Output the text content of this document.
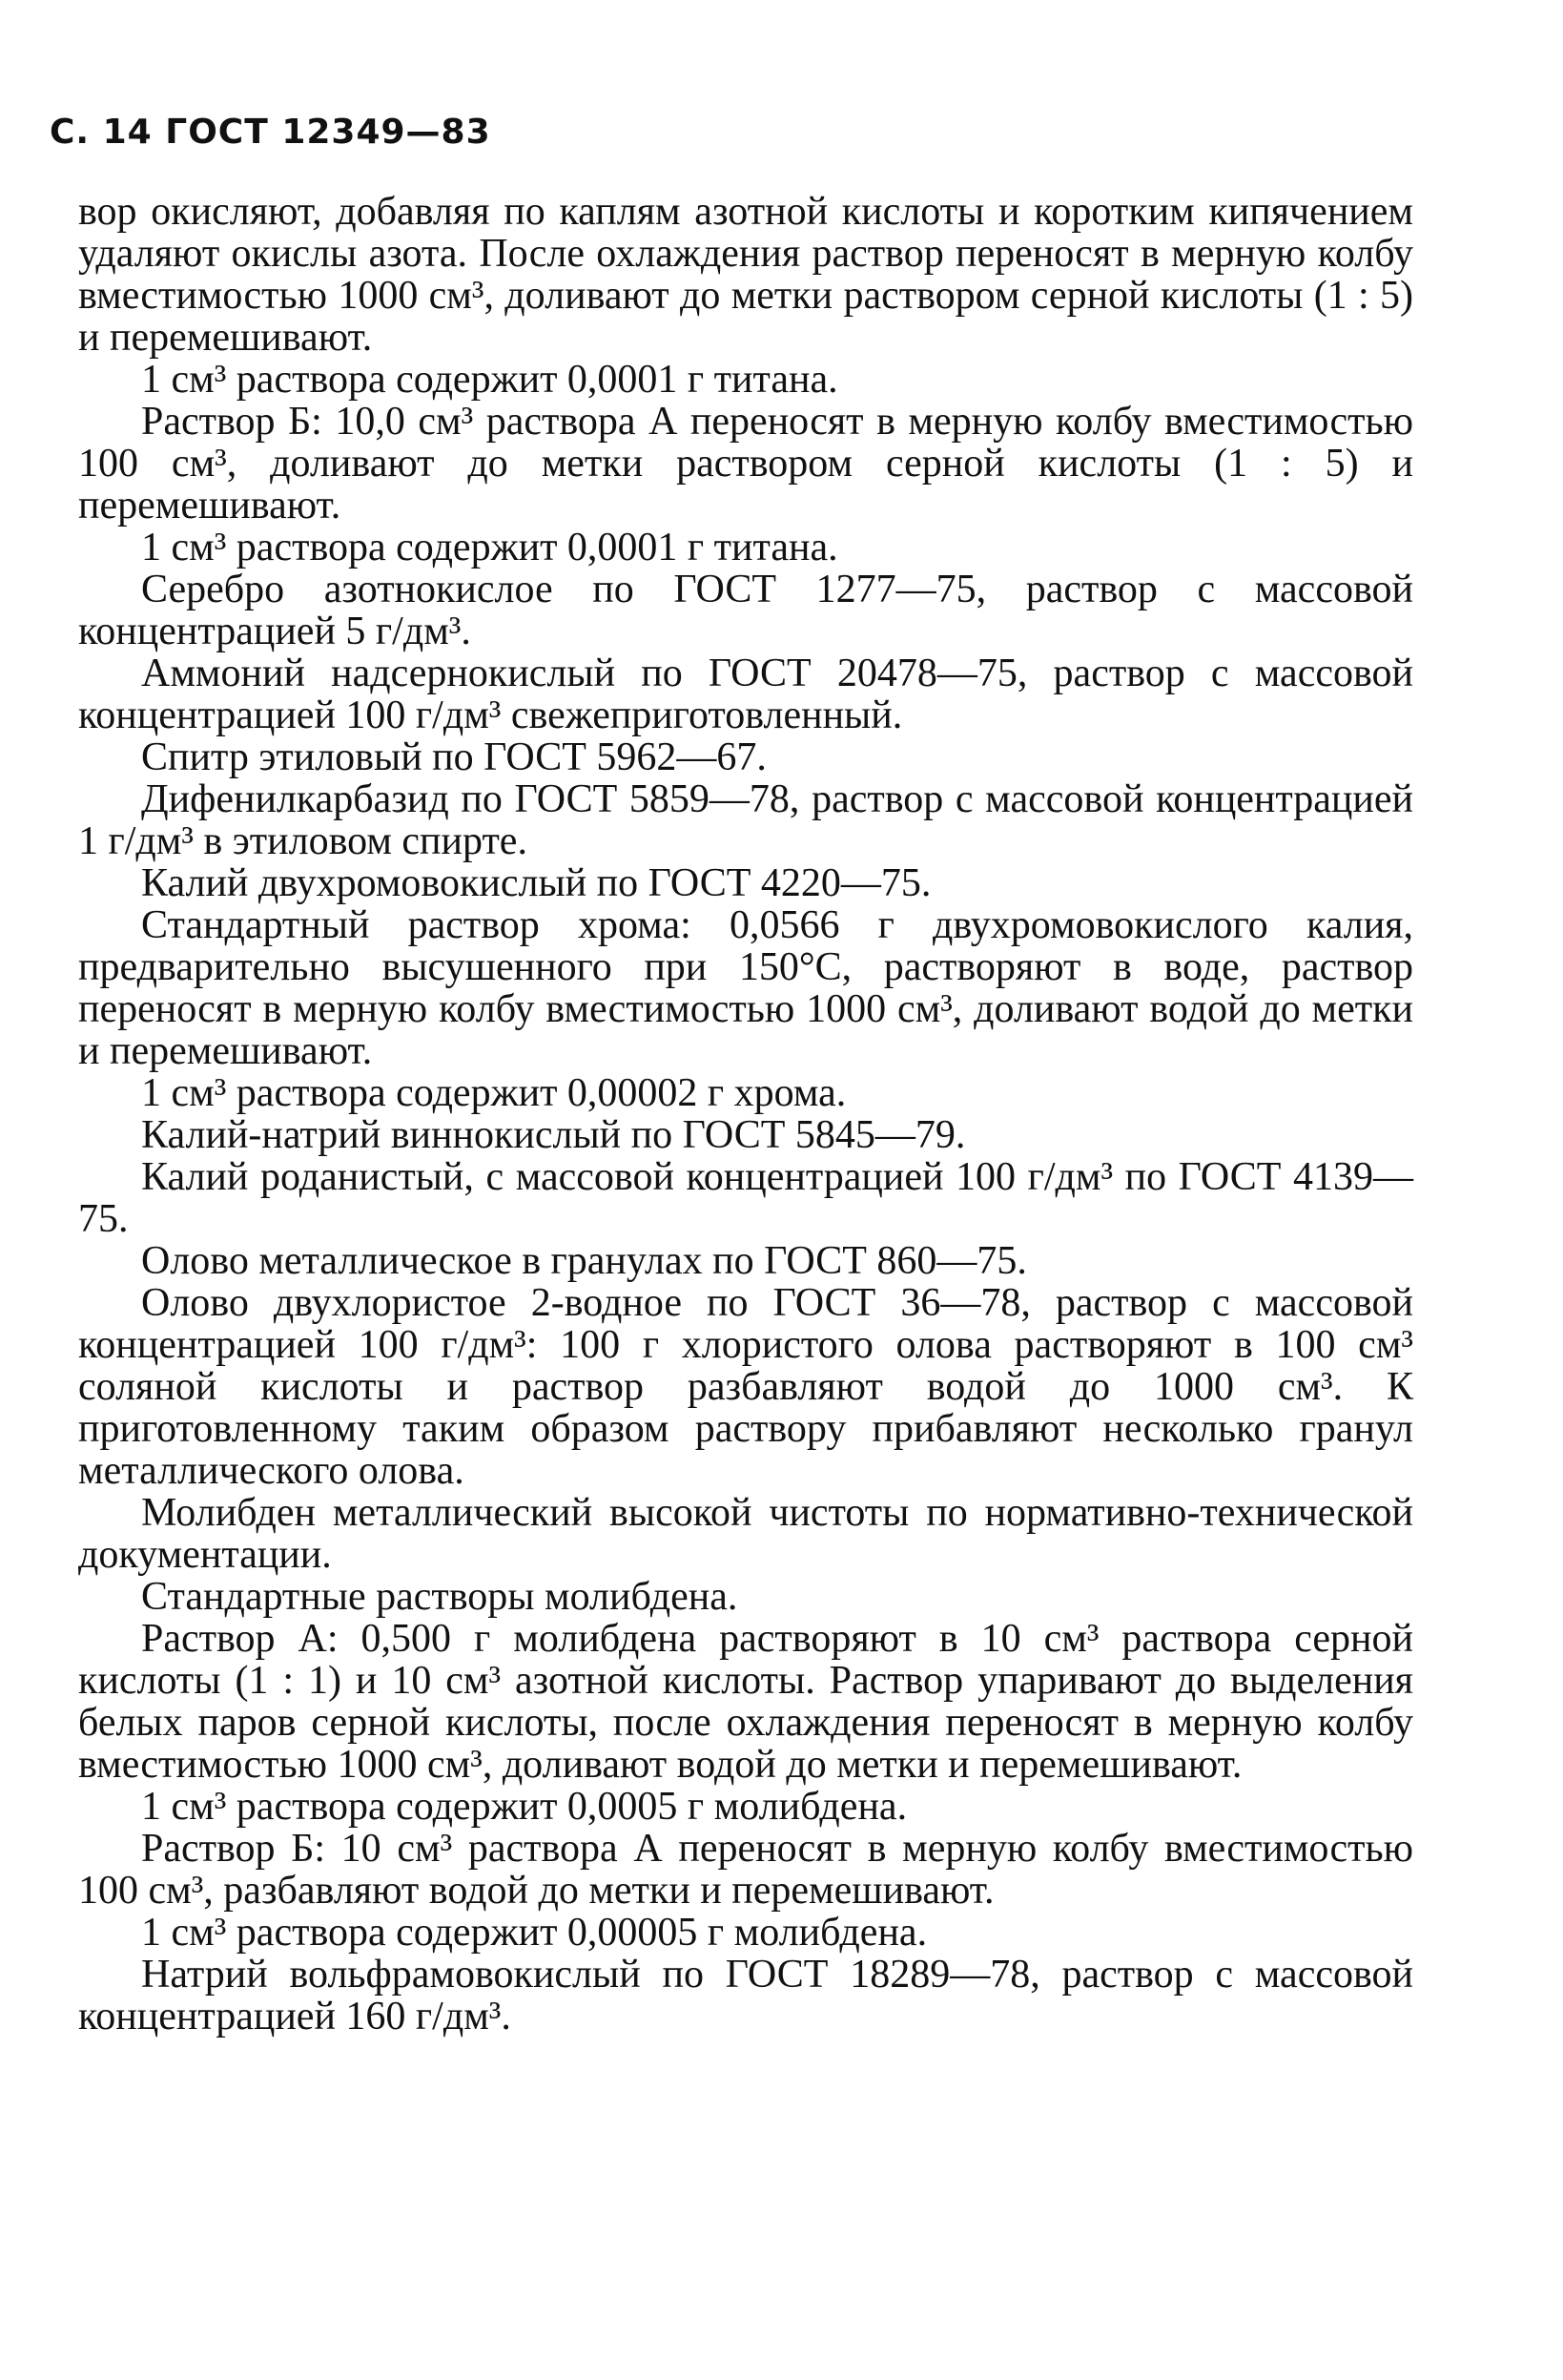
С. 14 ГОСТ 12349—83

вор окисляют, добавляя по каплям азотной кислоты и коротким кипячением удаляют окислы азота. После охлаждения раствор переносят в мерную колбу вместимостью 1000 см³, доливают до метки раствором серной кислоты (1 : 5) и перемешивают.

1 см³ раствора содержит 0,0001 г титана.

Раствор Б: 10,0 см³ раствора А переносят в мерную колбу вместимостью 100 см³, доливают до метки раствором серной кислоты (1 : 5) и перемешивают.

1 см³ раствора содержит 0,0001 г титана.

Серебро азотнокислое по ГОСТ 1277—75, раствор с массовой концентрацией 5 г/дм³.

Аммоний надсернокислый по ГОСТ 20478—75, раствор с массовой концентрацией 100 г/дм³ свежеприготовленный.

Спитр этиловый по ГОСТ 5962—67.

Дифенилкарбазид по ГОСТ 5859—78, раствор с массовой концентрацией 1 г/дм³ в этиловом спирте.

Калий двухромовокислый по ГОСТ 4220—75.

Стандартный раствор хрома: 0,0566 г двухромовокислого калия, предварительно высушенного при 150°С, растворяют в воде, раствор переносят в мерную колбу вместимостью 1000 см³, доливают водой до метки и перемешивают.

1 см³ раствора содержит 0,00002 г хрома.

Калий-натрий виннокислый по ГОСТ 5845—79.

Калий роданистый, с массовой концентрацией 100 г/дм³ по ГОСТ 4139—75.

Олово металлическое в гранулах по ГОСТ 860—75.

Олово двухлористое 2-водное по ГОСТ 36—78, раствор с массовой концентрацией 100 г/дм³: 100 г хлористого олова растворяют в 100 см³ соляной кислоты и раствор разбавляют водой до 1000 см³. К приготовленному таким образом раствору прибавляют несколько гранул металлического олова.

Молибден металлический высокой чистоты по нормативно-технической документации.

Стандартные растворы молибдена.

Раствор А: 0,500 г молибдена растворяют в 10 см³ раствора серной кислоты (1 : 1) и 10 см³ азотной кислоты. Раствор упаривают до выделения белых паров серной кислоты, после охлаждения переносят в мерную колбу вместимостью 1000 см³, доливают водой до метки и перемешивают.

1 см³ раствора содержит 0,0005 г молибдена.

Раствор Б: 10 см³ раствора А переносят в мерную колбу вместимостью 100 см³, разбавляют водой до метки и перемешивают.

1 см³ раствора содержит 0,00005 г молибдена.

Натрий вольфрамовокислый по ГОСТ 18289—78, раствор с массовой концентрацией 160 г/дм³.
